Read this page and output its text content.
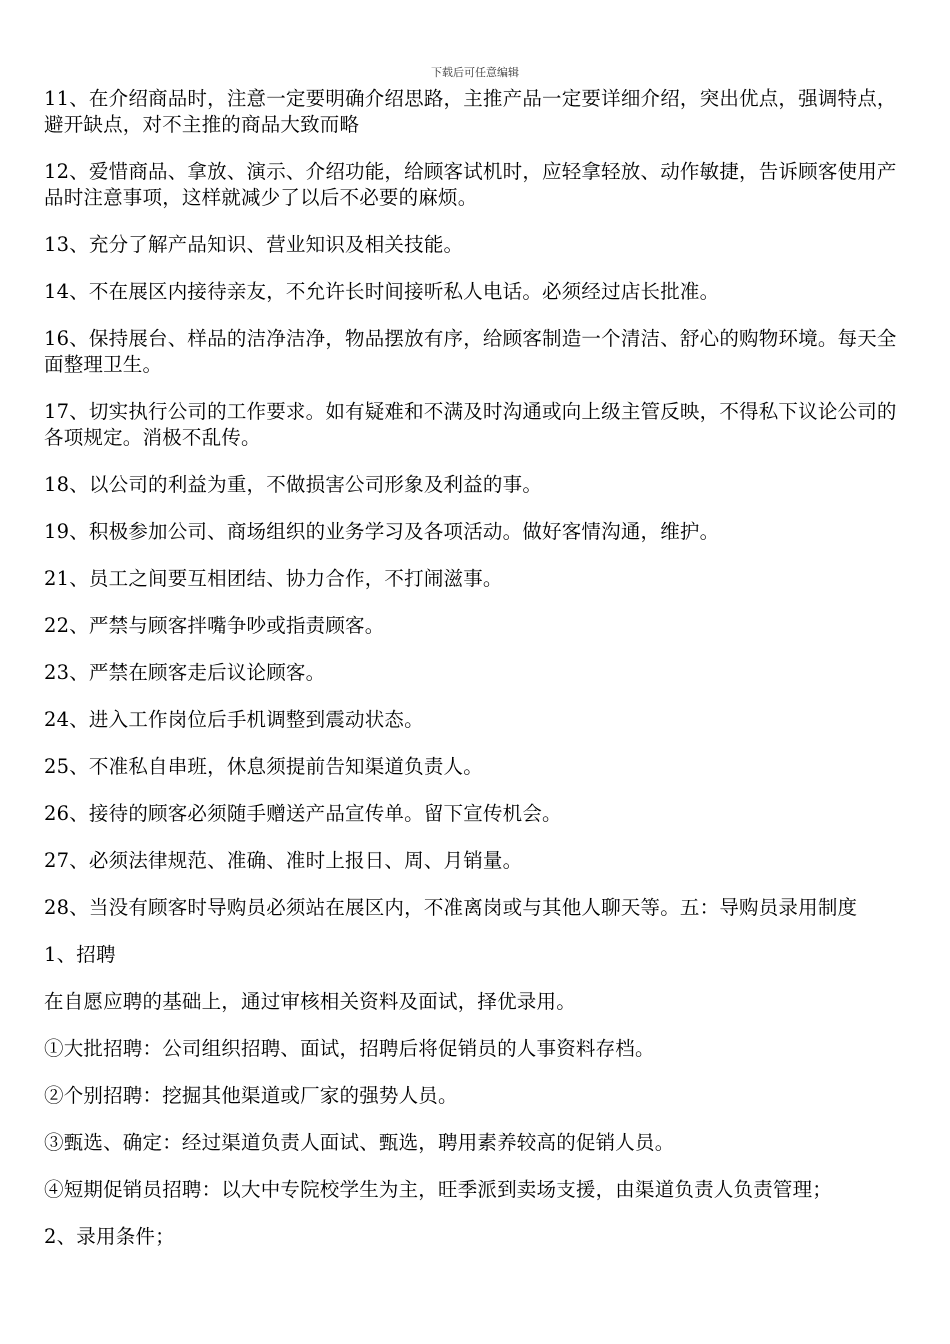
下载后可任意编辑

11、在介绍商品时，注意一定要明确介绍思路，主推产品一定要详细介绍，突出优点，强调特点，避开缺点，对不主推的商品大致而略

12、爱惜商品、拿放、演示、介绍功能，给顾客试机时，应轻拿轻放、动作敏捷，告诉顾客使用产品时注意事项，这样就减少了以后不必要的麻烦。

13、充分了解产品知识、营业知识及相关技能。

14、不在展区内接待亲友，不允许长时间接听私人电话。必须经过店长批准。

16、保持展台、样品的洁净洁净，物品摆放有序，给顾客制造一个清洁、舒心的购物环境。每天全面整理卫生。

17、切实执行公司的工作要求。如有疑难和不满及时沟通或向上级主管反映，不得私下议论公司的各项规定。消极不乱传。

18、以公司的利益为重，不做损害公司形象及利益的事。

19、积极参加公司、商场组织的业务学习及各项活动。做好客情沟通，维护。

21、员工之间要互相团结、协力合作，不打闹滋事。

22、严禁与顾客拌嘴争吵或指责顾客。

23、严禁在顾客走后议论顾客。

24、进入工作岗位后手机调整到震动状态。

25、不准私自串班，休息须提前告知渠道负责人。

26、接待的顾客必须随手赠送产品宣传单。留下宣传机会。

27、必须法律规范、准确、准时上报日、周、月销量。

28、当没有顾客时导购员必须站在展区内，不准离岗或与其他人聊天等。五：导购员录用制度

1、招聘

在自愿应聘的基础上，通过审核相关资料及面试，择优录用。

①大批招聘：公司组织招聘、面试，招聘后将促销员的人事资料存档。

②个别招聘：挖掘其他渠道或厂家的强势人员。

③甄选、确定：经过渠道负责人面试、甄选，聘用素养较高的促销人员。

④短期促销员招聘：以大中专院校学生为主，旺季派到卖场支援，由渠道负责人负责管理；

2、录用条件；
